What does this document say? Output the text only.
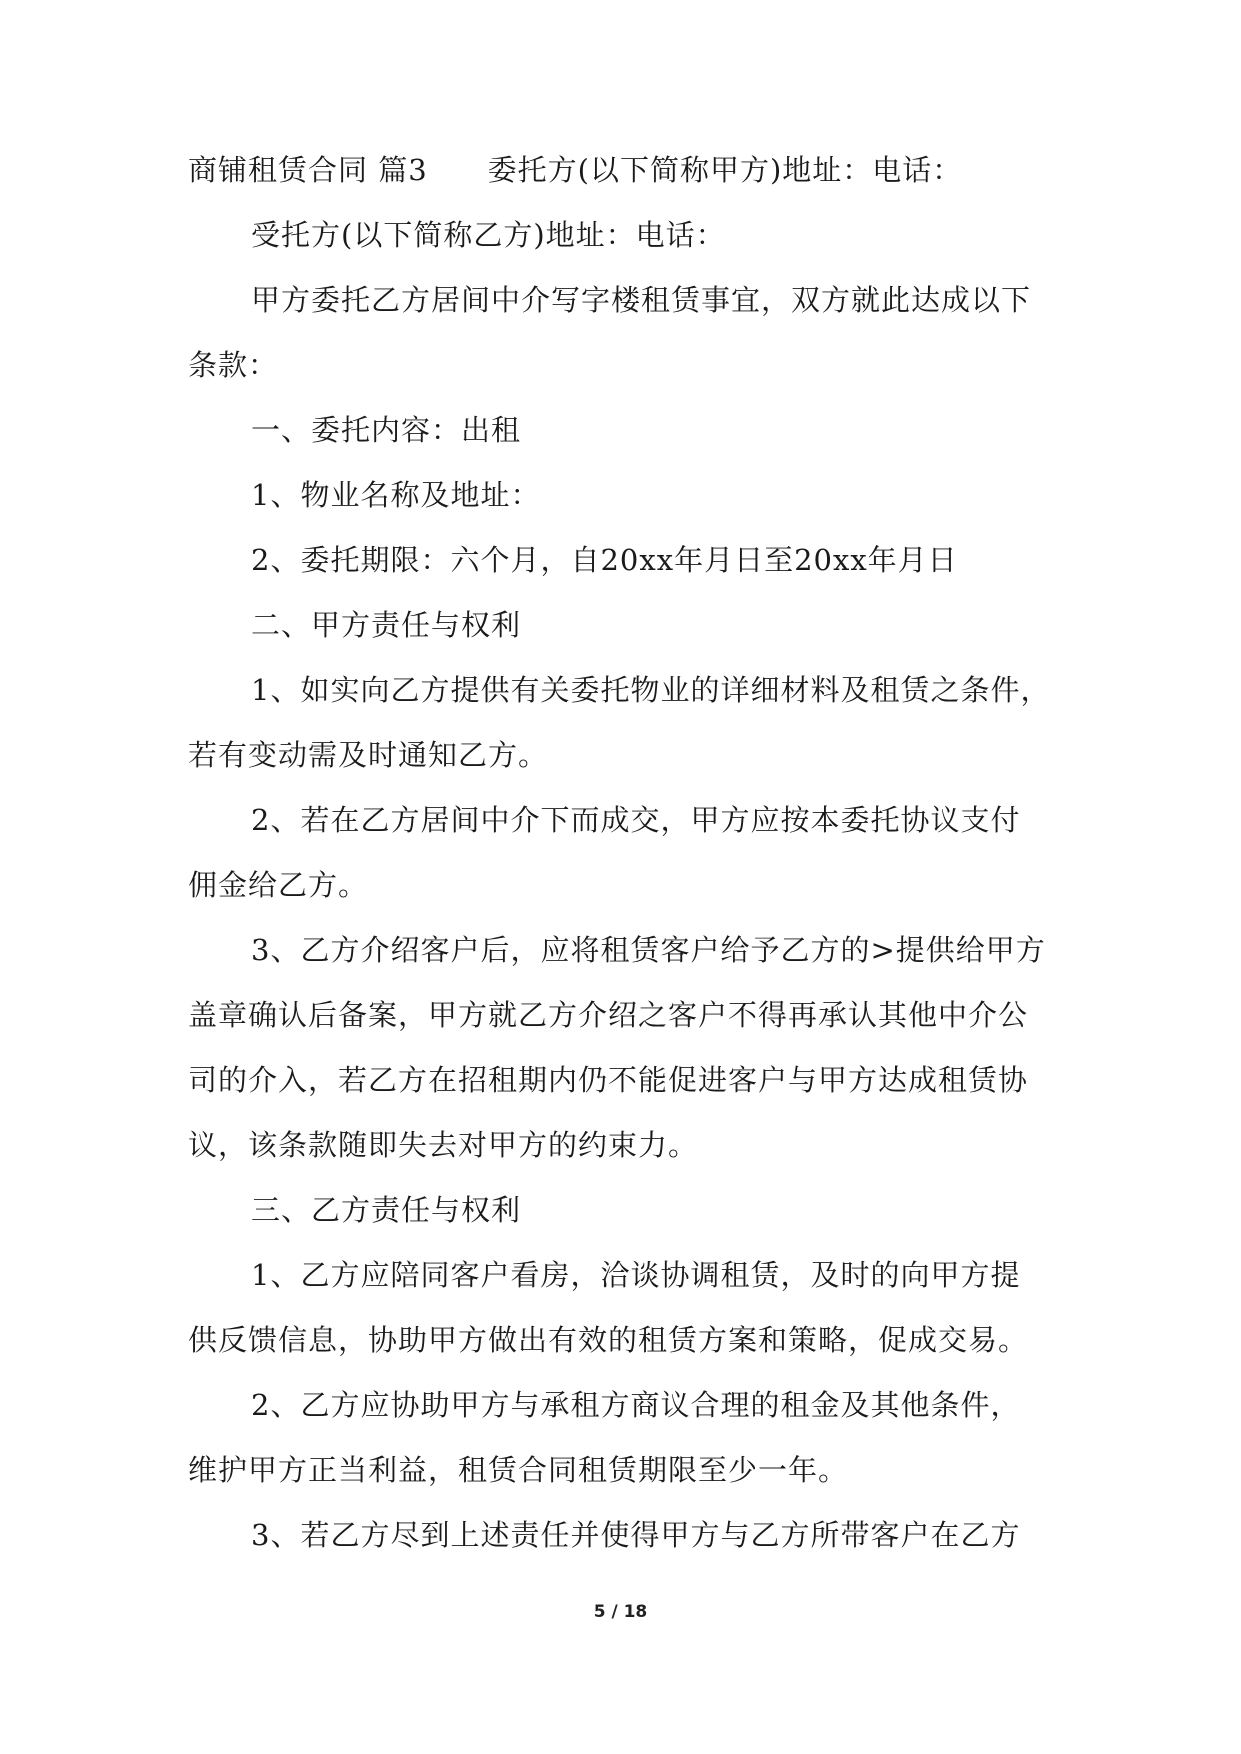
商铺租赁合同 篇3 委托方(以下简称甲方)地址：电话：
受托方(以下简称乙方)地址：电话：
甲方委托乙方居间中介写字楼租赁事宜，双方就此达成以下
条款：
一、委托内容：出租
1、物业名称及地址：
2、委托期限：六个月，自20xx年月日至20xx年月日
二、甲方责任与权利
1、如实向乙方提供有关委托物业的详细材料及租赁之条件，
若有变动需及时通知乙方。
2、若在乙方居间中介下而成交，甲方应按本委托协议支付
佣金给乙方。
3、乙方介绍客户后，应将租赁客户给予乙方的>提供给甲方
盖章确认后备案，甲方就乙方介绍之客户不得再承认其他中介公
司的介入，若乙方在招租期内仍不能促进客户与甲方达成租赁协
议，该条款随即失去对甲方的约束力。
三、乙方责任与权利
1、乙方应陪同客户看房，洽谈协调租赁，及时的向甲方提
供反馈信息，协助甲方做出有效的租赁方案和策略，促成交易。
2、乙方应协助甲方与承租方商议合理的租金及其他条件，
维护甲方正当利益，租赁合同租赁期限至少一年。
3、若乙方尽到上述责任并使得甲方与乙方所带客户在乙方
5 / 18
